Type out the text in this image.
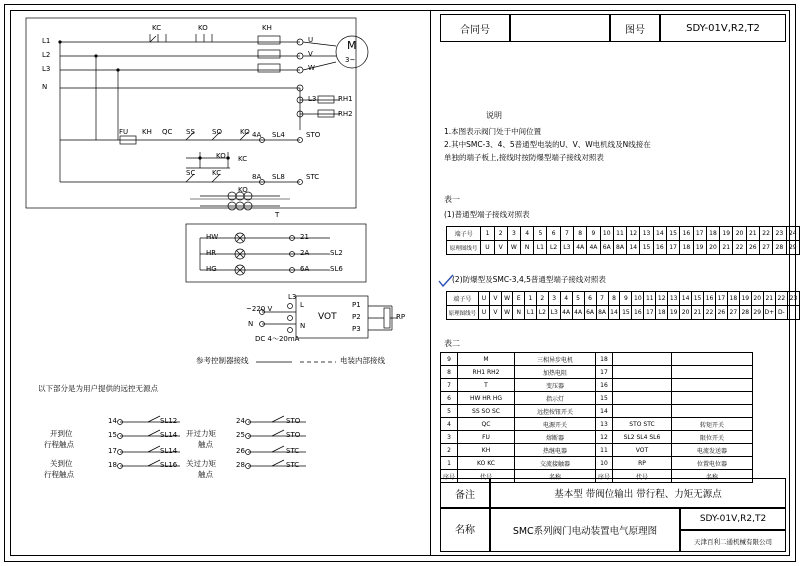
L1
L2
L3
N
KC	KO	KH
U
V
W
M
3~
L3	RH1
RH2
FU KH QC SS SO	KO 4A SL4	STO
KO KC
SC KC
KO
8A SL8	STC
T
HW
HR
HG
21
2A
6A
SL2
SL6
L3
~220 V
N
L
N
P1
P2
P3
VOT	RP
DC 4～20mA
参考控制器接线	电装内部接线
以下部分是为用户提供的远控无源点
开到位
行程触点
关到位
行程触点
开过力矩
触点
关过力矩
触点
14
15
17
18
SL12
SL14
SL14
SL16
24
25
26
28
STO
STO
STC
STC
合同号	图号	SDY-01V,R2,T2
说明
1.本图表示阀门处于中间位置
2.其中SMC-3、4、5普通型电装的U、V、W电机线及N线接在
单独的端子板上,接线时按防爆型端子接线对照表
表一
(1)普通型端子接线对照表
端子号	1	2	3	4	5	6	7	8	9	10	11	12	13	14	15	16	17	18	19	20	21	22	23	24
原理图线号	U	V	W	N	L1	L2	L3	4A	4A	6A	8A	14	15	16	17	18	19	20	21	22	26	27	28	29
(2)防爆型及SMC-3,4,5普通型端子接线对照表
端子号	U	V	W	E	1	2	3	4	5	6	7	8	9	10	11	12	13	14	15	16	17	18	19	20	21	22	23
原理图线号	U	V	W	N	L1	L2	L3	4A	4A	6A	8A	14	15	16	17	18	19	20	21	22	26	27	28	29	D+	D-	
表二
9	M	三相异步电机	18		
8	RH1 RH2	加热电阻	17		
7	T	变压器	16		
6	HW HR HG	指示灯	15		
5	SS SO SC	远控按钮开关	14		
4	QC	电源开关	13	STO STC	转矩开关
3	FU	熔断器	12	SL2 SL4 SL6	限位开关
2	KH	热继电器	11	VOT	电流发送器
1	KO KC	交流接触器	10	RP	位置电位器
序号	代号	名称	序号	代号	名称
备注	基本型 带阀位输出 带行程、力矩无源点
名称	SMC系列阀门电动装置电气原理图
SDY-01V,R2,T2
天津百利二通机械有限公司
